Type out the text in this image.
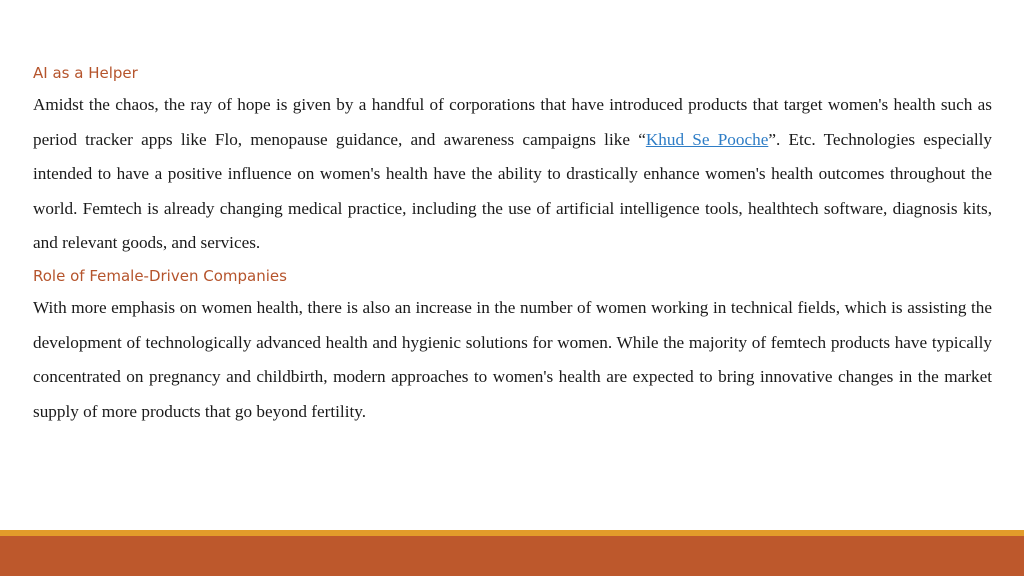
AI as a Helper

Amidst the chaos, the ray of hope is given by a handful of corporations that have introduced products that target women's health such as period tracker apps like Flo, menopause guidance, and awareness campaigns like “Khud Se Pooche”. Etc. Technologies especially intended to have a positive influence on women's health have the ability to drastically enhance women's health outcomes throughout the world. Femtech is already changing medical practice, including the use of artificial intelligence tools, healthtech software, diagnosis kits, and relevant goods, and services.

Role of Female-Driven Companies

With more emphasis on women health, there is also an increase in the number of women working in technical fields, which is assisting the development of technologically advanced health and hygienic solutions for women. While the majority of femtech products have typically concentrated on pregnancy and childbirth, modern approaches to women's health are expected to bring innovative changes in the market supply of more products that go beyond fertility.
